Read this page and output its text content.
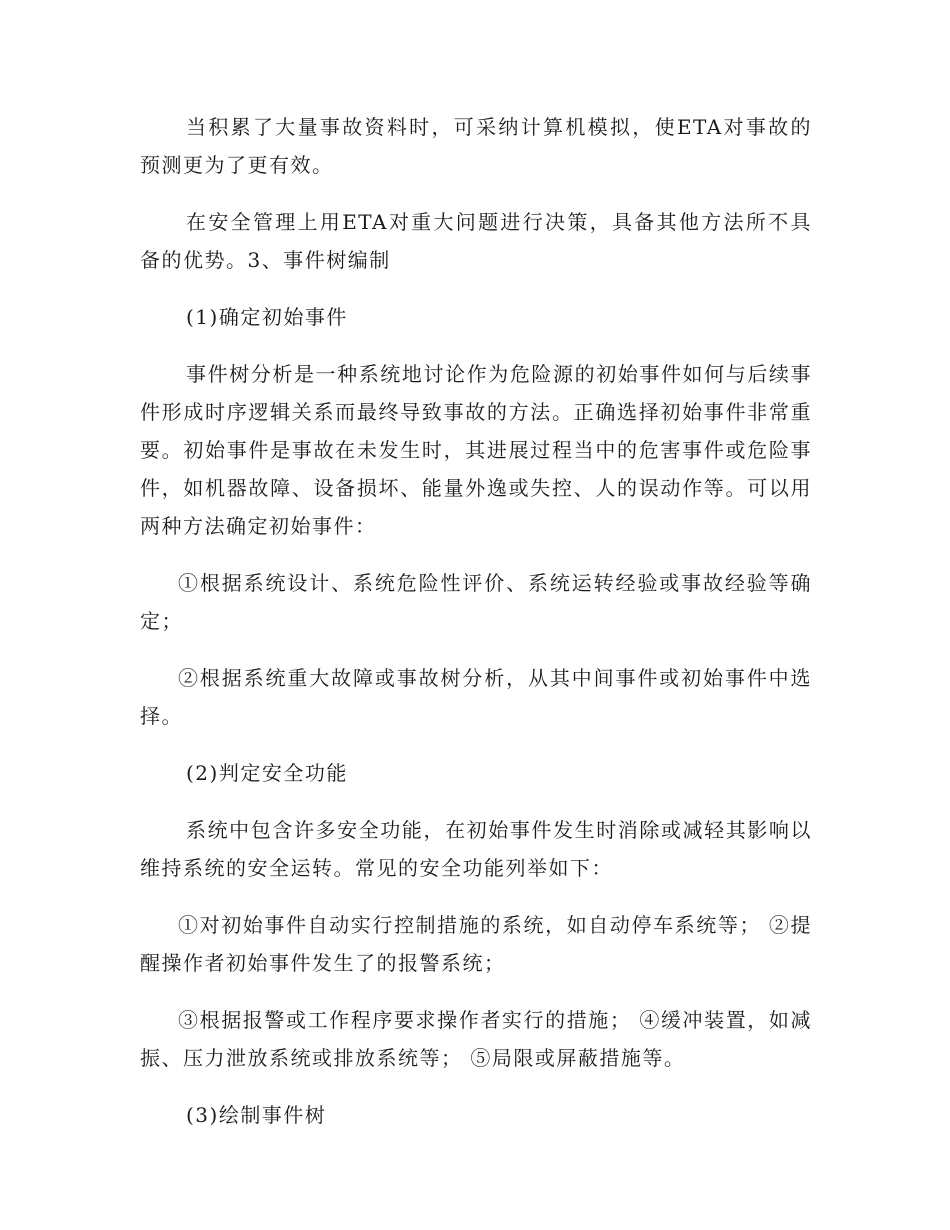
当积累了大量事故资料时，可采纳计算机模拟，使ETA对事故的预测更为了更有效。

在安全管理上用ETA对重大问题进行决策，具备其他方法所不具备的优势。3、事件树编制

(1)确定初始事件

事件树分析是一种系统地讨论作为危险源的初始事件如何与后续事件形成时序逻辑关系而最终导致事故的方法。正确选择初始事件非常重要。初始事件是事故在未发生时，其进展过程当中的危害事件或危险事件，如机器故障、设备损坏、能量外逸或失控、人的误动作等。可以用两种方法确定初始事件：

①根据系统设计、系统危险性评价、系统运转经验或事故经验等确定；

②根据系统重大故障或事故树分析，从其中间事件或初始事件中选择。

(2)判定安全功能

系统中包含许多安全功能，在初始事件发生时消除或减轻其影响以维持系统的安全运转。常见的安全功能列举如下：

①对初始事件自动实行控制措施的系统，如自动停车系统等； ②提醒操作者初始事件发生了的报警系统；

③根据报警或工作程序要求操作者实行的措施； ④缓冲装置，如减振、压力泄放系统或排放系统等； ⑤局限或屏蔽措施等。

(3)绘制事件树
